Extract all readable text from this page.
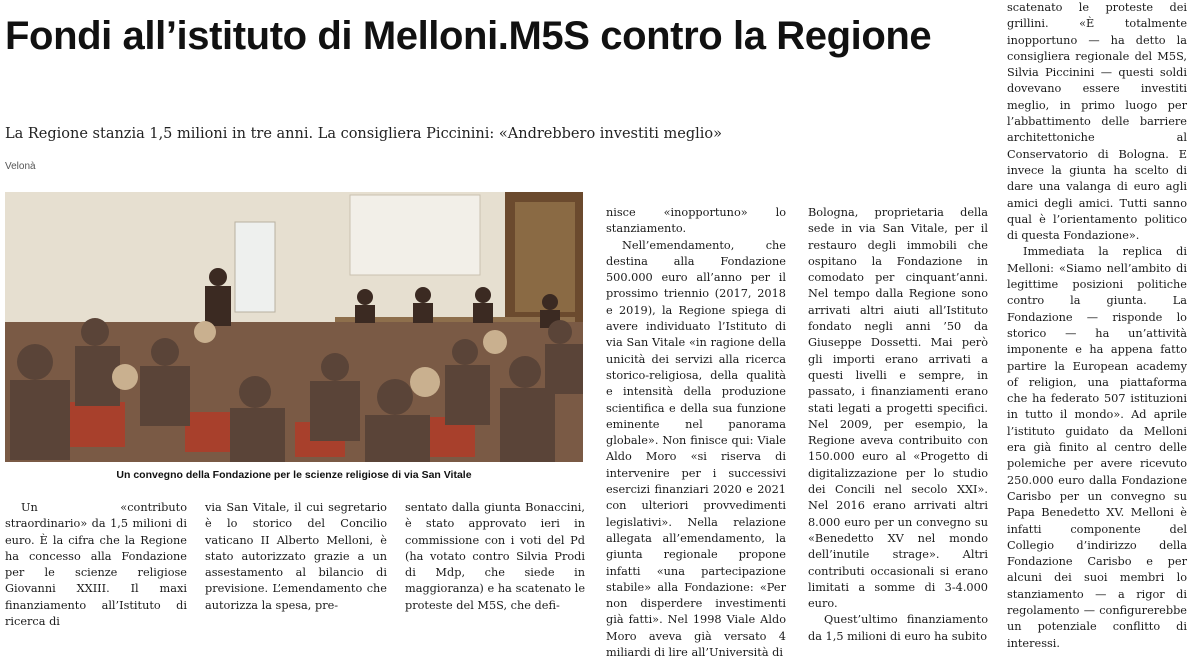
Fondi all’istituto di Melloni.M5S contro la Regione

La Regione stanzia 1,5 milioni in tre anni. La consigliera Piccinini: «Andrebbero investiti meglio»

Velonà

Un convegno della Fondazione per le scienze religiose di via San Vitale

Un «contributo straordinario» da 1,5 milioni di euro. È la cifra che la Regione ha concesso alla Fondazione per le scienze religiose Giovanni XXIII. Il maxi finanziamento all’Istituto di ricerca di

via San Vitale, il cui segretario è lo storico del Concilio vaticano II Alberto Melloni, è stato autorizzato grazie a un assestamento al bilancio di previsione. L’emendamento che autorizza la spesa, pre-

sentato dalla giunta Bonaccini, è stato approvato ieri in commissione con i voti del Pd (ha votato contro Silvia Prodi di Mdp, che siede in maggioranza) e ha scatenato le proteste del M5S, che defi-

nisce «inopportuno» lo stanziamento.

Nell’emendamento, che destina alla Fondazione 500.000 euro all’anno per il prossimo triennio (2017, 2018 e 2019), la Regione spiega di avere individuato l’Istituto di via San Vitale «in ragione della unicità dei servizi alla ricerca storico-religiosa, della qualità e intensità della produzione scientifica e della sua funzione eminente nel panorama globale». Non finisce qui: Viale Aldo Moro «si riserva di intervenire per i successivi esercizi finanziari 2020 e 2021 con ulteriori provvedimenti legislativi». Nella relazione allegata all’emendamento, la giunta regionale propone infatti «una partecipazione stabile» alla Fondazione: «Per non disperdere investimenti già fatti». Nel 1998 Viale Aldo Moro aveva già versato 4 miliardi di lire all’Università di

Bologna, proprietaria della sede in via San Vitale, per il restauro degli immobili che ospitano la Fondazione in comodato per cinquant’anni. Nel tempo dalla Regione sono arrivati altri aiuti all’Istituto fondato negli anni ’50 da Giuseppe Dossetti. Mai però gli importi erano arrivati a questi livelli e sempre, in passato, i finanziamenti erano stati legati a progetti specifici. Nel 2009, per esempio, la Regione aveva contribuito con 150.000 euro al «Progetto di digitalizzazione per lo studio dei Concili nel secolo XXI». Nel 2016 erano arrivati altri 8.000 euro per un convegno su «Benedetto XV nel mondo dell’inutile strage». Altri contributi occasionali si erano limitati a somme di 3-4.000 euro.

Quest’ultimo finanziamento da 1,5 milioni di euro ha subito

scatenato le proteste dei grillini. «È totalmente inopportuno — ha detto la consigliera regionale del M5S, Silvia Piccinini — questi soldi dovevano essere investiti meglio, in primo luogo per l’abbattimento delle barriere architettoniche al Conservatorio di Bologna. E invece la giunta ha scelto di dare una valanga di euro agli amici degli amici. Tutti sanno qual è l’orientamento politico di questa Fondazione».

Immediata la replica di Melloni: «Siamo nell’ambito di legittime posizioni politiche contro la giunta. La Fondazione — risponde lo storico — ha un’attività imponente e ha appena fatto partire la European academy of religion, una piattaforma che ha federato 507 istituzioni in tutto il mondo». Ad aprile l’istituto guidato da Melloni era già finito al centro delle polemiche per avere ricevuto 250.000 euro dalla Fondazione Carisbo per un convegno su Papa Benedetto XV. Melloni è infatti componente del Collegio d’indirizzo della Fondazione Carisbo e per alcuni dei suoi membri lo stanziamento — a rigor di regolamento — configurerebbe un potenziale conflitto di interessi.
